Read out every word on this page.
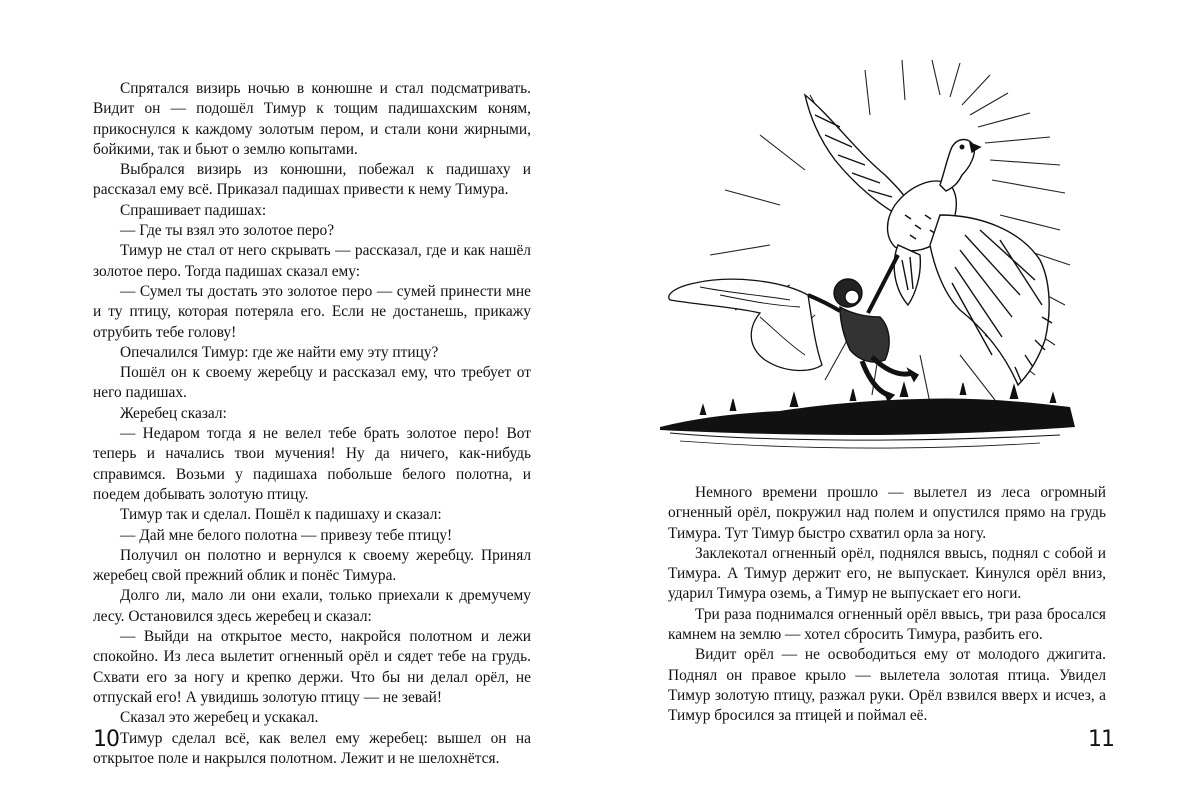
Спрятался визирь ночью в конюшне и стал подсматривать. Видит он — подошёл Тимур к тощим падишахским коням, прикоснулся к каждому золотым пером, и стали кони жирными, бойкими, так и бьют о землю копытами.

Выбрался визирь из конюшни, побежал к падишаху и рассказал ему всё. Приказал падишах привести к нему Тимура.

Спрашивает падишах:

— Где ты взял это золотое перо?

Тимур не стал от него скрывать — рассказал, где и как нашёл золотое перо. Тогда падишах сказал ему:

— Сумел ты достать это золотое перо — сумей принести мне и ту птицу, которая потеряла его. Если не достанешь, прикажу отрубить тебе голову!

Опечалился Тимур: где же найти ему эту птицу?

Пошёл он к своему жеребцу и рассказал ему, что требует от него падишах.

Жеребец сказал:

— Недаром тогда я не велел тебе брать золотое перо! Вот теперь и начались твои мучения! Ну да ничего, как-нибудь справимся. Возьми у падишаха побольше белого полотна, и поедем добывать золотую птицу.

Тимур так и сделал. Пошёл к падишаху и сказал:

— Дай мне белого полотна — привезу тебе птицу!

Получил он полотно и вернулся к своему жеребцу. Принял жеребец свой прежний облик и понёс Тимура.

Долго ли, мало ли они ехали, только приехали к дремучему лесу. Остановился здесь жеребец и сказал:

— Выйди на открытое место, накройся полотном и лежи спокойно. Из леса вылетит огненный орёл и сядет тебе на грудь. Схвати его за ногу и крепко держи. Что бы ни делал орёл, не отпускай его! А увидишь золотую птицу — не зевай!

Сказал это жеребец и ускакал.

Тимур сделал всё, как велел ему жеребец: вышел он на открытое поле и накрылся полотном. Лежит и не шелохнётся.

10

Немного времени прошло — вылетел из леса огромный огненный орёл, покружил над полем и опустился прямо на грудь Тимура. Тут Тимур быстро схватил орла за ногу.

Заклекотал огненный орёл, поднялся ввысь, поднял с собой и Тимура. А Тимур держит его, не выпускает. Кинулся орёл вниз, ударил Тимура оземь, а Тимур не выпускает его ноги.

Три раза поднимался огненный орёл ввысь, три раза бросался камнем на землю — хотел сбросить Тимура, разбить его.

Видит орёл — не освободиться ему от молодого джигита. Поднял он правое крыло — вылетела золотая птица. Увидел Тимур золотую птицу, разжал руки. Орёл взвился вверх и исчез, а Тимур бросился за птицей и поймал её.

11
